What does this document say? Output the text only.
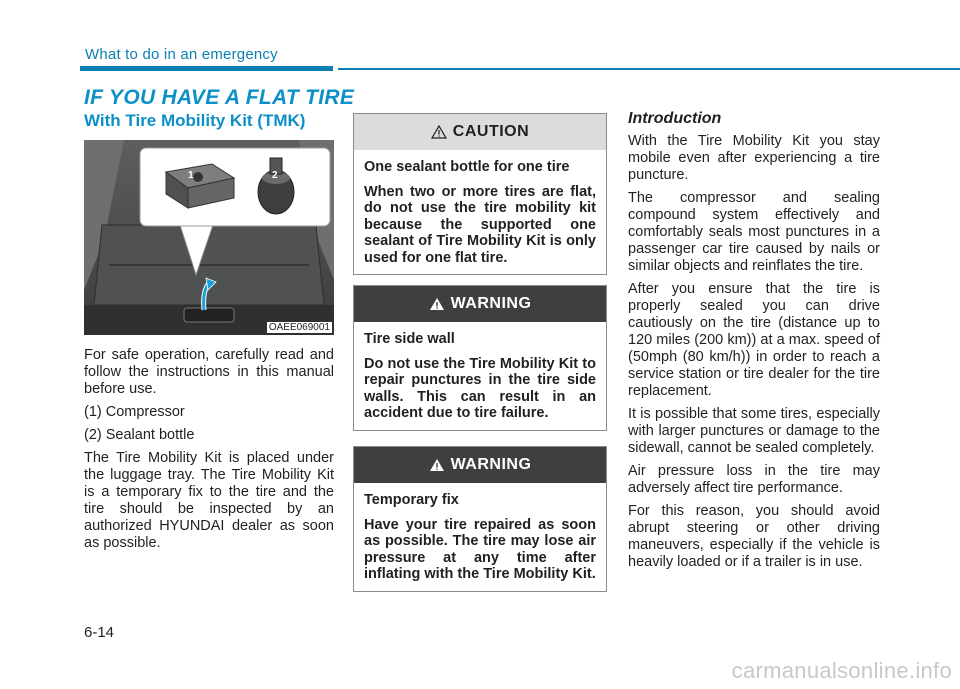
What to do in an emergency
IF YOU HAVE A FLAT TIRE
With Tire Mobility Kit (TMK)
1	2
OAEE069001

For safe operation, carefully read and follow the instructions in this manual before use.

(1) Compressor

(2) Sealant bottle

The Tire Mobility Kit is placed under the luggage tray. The Tire Mobility Kit is a temporary fix to the tire and the tire should be inspected by an authorized HYUNDAI dealer as soon as possible.

CAUTION

One sealant bottle for one tire

When two or more tires are flat, do not use the tire mobility kit because the supported one sealant of Tire Mobility Kit is only used for one flat tire.

WARNING

Tire side wall

Do not use the Tire Mobility Kit to repair punctures in the tire side walls. This can result in an accident due to tire failure.

WARNING

Temporary fix

Have your tire repaired as soon as possible. The tire may lose air pressure at any time after inflating with the Tire Mobility Kit.

Introduction

With the Tire Mobility Kit you stay mobile even after experiencing a tire puncture.

The compressor and sealing compound system effectively and comfortably seals most punctures in a passenger car tire caused by nails or similar objects and reinflates the tire.

After you ensure that the tire is properly sealed you can drive cautiously on the tire (distance up to 120 miles (200 km)) at a max. speed of (50mph (80 km/h)) in order to reach a service station or tire dealer for the tire replacement.

It is possible that some tires, especially with larger punctures or damage to the sidewall, cannot be sealed completely.

Air pressure loss in the tire may adversely affect tire performance.

For this reason, you should avoid abrupt steering or other driving maneuvers, especially if the vehicle is heavily loaded or if a trailer is in use.

6-14
carmanualsonline.info
